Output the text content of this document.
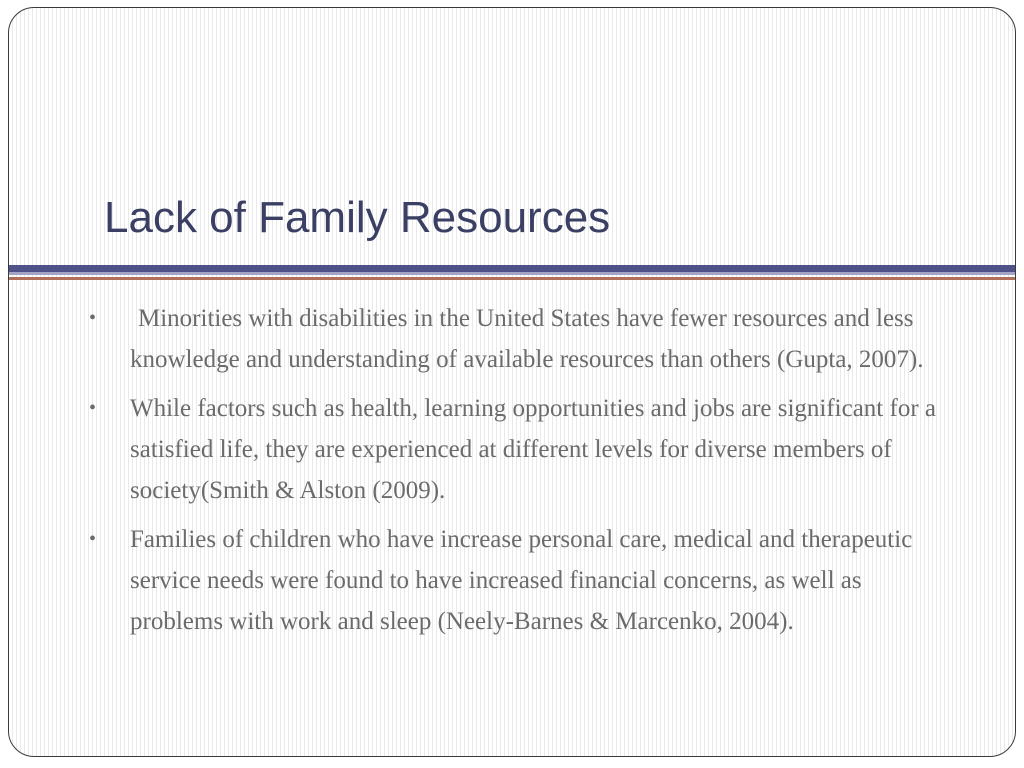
Lack of Family Resources
• Minorities with disabilities in the United States have fewer resources and less knowledge and understanding of available resources than others (Gupta, 2007).
• While factors such as health, learning opportunities and jobs are significant for a satisfied life, they are experienced at different levels for diverse members of society(Smith & Alston (2009).
• Families of children who have increase personal care, medical and therapeutic service needs were found to have increased financial concerns, as well as problems with work and sleep (Neely-Barnes & Marcenko, 2004).
